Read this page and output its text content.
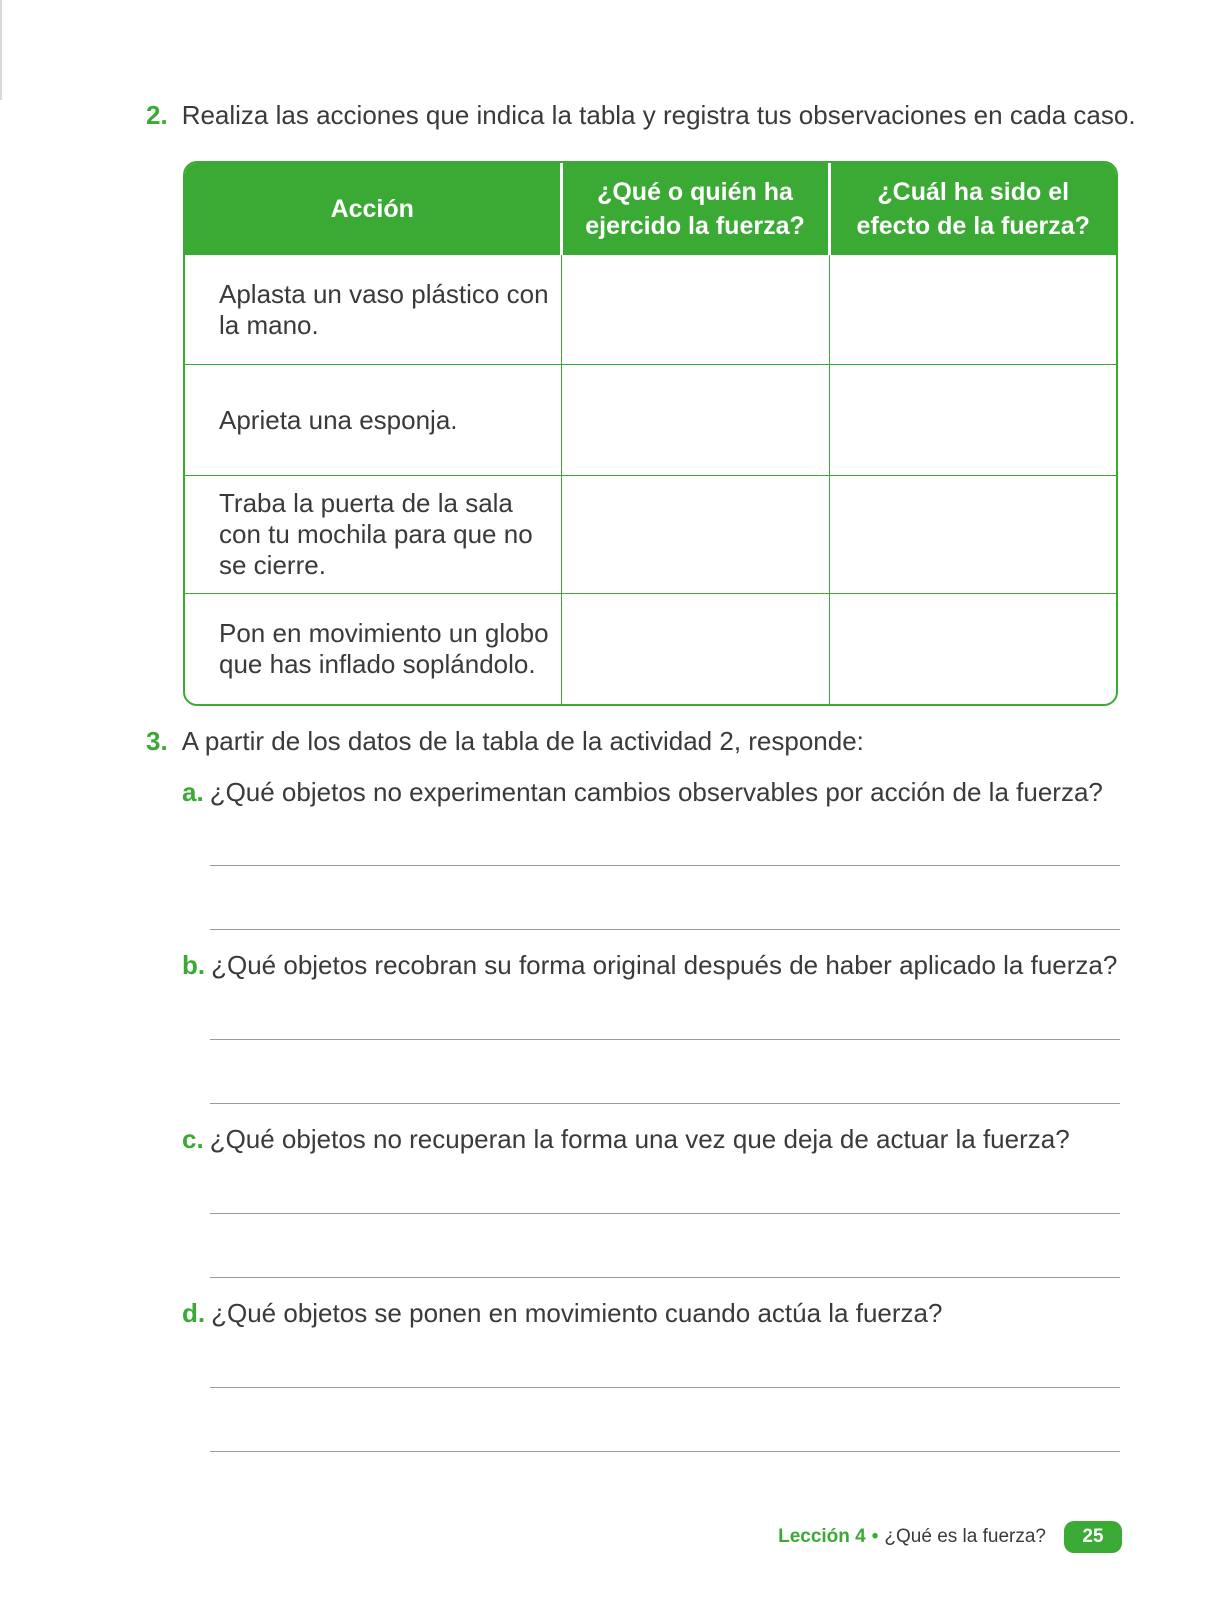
2. Realiza las acciones que indica la tabla y registra tus observaciones en cada caso.
Acción	¿Qué o quién ha ejercido la fuerza?	¿Cuál ha sido el efecto de la fuerza?
Aplasta un vaso plástico con la mano.		
Aprieta una esponja.		
Traba la puerta de la sala con tu mochila para que no se cierre.		
Pon en movimiento un globo que has inflado soplándolo.		
3. A partir de los datos de la tabla de la actividad 2, responde:
a. ¿Qué objetos no experimentan cambios observables por acción de la fuerza?
b. ¿Qué objetos recobran su forma original después de haber aplicado la fuerza?
c. ¿Qué objetos no recuperan la forma una vez que deja de actuar la fuerza?
d. ¿Qué objetos se ponen en movimiento cuando actúa la fuerza?
Lección 4 • ¿Qué es la fuerza?	25
